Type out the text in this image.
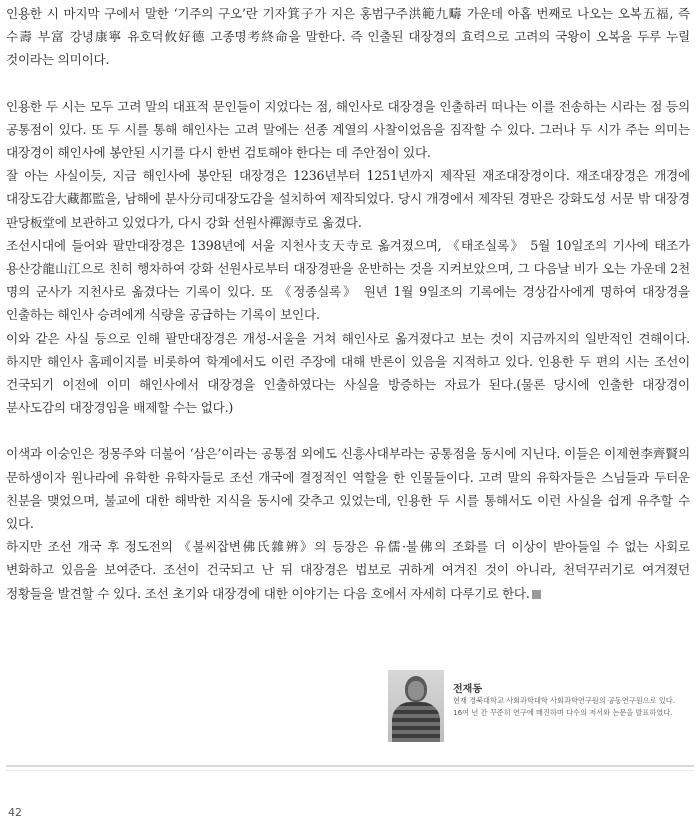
인용한 시 마지막 구에서 말한 ‘기주의 구오’란 기자箕子가 지은 홍범구주洪範九疇 가운데 아홉 번째로 나오는 오복五福, 즉 수壽 부富 강녕康寧 유호덕攸好德 고종명考終命을 말한다. 즉 인출된 대장경의 효력으로 고려의 국왕이 오복을 두루 누릴 것이라는 의미이다.

인용한 두 시는 모두 고려 말의 대표적 문인들이 지었다는 점, 해인사로 대장경을 인출하러 떠나는 이를 전송하는 시라는 점 등의 공통점이 있다. 또 두 시를 통해 해인사는 고려 말에는 선종 계열의 사찰이었음을 짐작할 수 있다. 그러나 두 시가 주는 의미는 대장경이 해인사에 봉안된 시기를 다시 한번 검토해야 한다는 데 주안점이 있다.

잘 아는 사실이듯, 지금 해인사에 봉안된 대장경은 1236년부터 1251년까지 제작된 재조대장경이다. 재조대장경은 개경에 대장도감大藏都監을, 남해에 분사分司대장도감을 설치하여 제작되었다. 당시 개경에서 제작된 경판은 강화도성 서문 밖 대장경 판당板堂에 보관하고 있었다가, 다시 강화 선원사禪源寺로 옮겼다.

조선시대에 들어와 팔만대장경은 1398년에 서울 지천사支天寺로 옮겨졌으며, 《태조실록》 5월 10일조의 기사에 태조가 용산강龍山江으로 친히 행차하여 강화 선원사로부터 대장경판을 운반하는 것을 지켜보았으며, 그 다음날 비가 오는 가운데 2천 명의 군사가 지천사로 옮겼다는 기록이 있다. 또 《정종실록》 원년 1월 9일조의 기록에는 경상감사에게 명하여 대장경을 인출하는 해인사 승려에게 식량을 공급하는 기록이 보인다.

이와 같은 사실 등으로 인해 팔만대장경은 개성-서울을 거쳐 해인사로 옮겨졌다고 보는 것이 지금까지의 일반적인 견해이다. 하지만 해인사 홈페이지를 비롯하여 학계에서도 이런 주장에 대해 반론이 있음을 지적하고 있다. 인용한 두 편의 시는 조선이 건국되기 이전에 이미 해인사에서 대장경을 인출하였다는 사실을 방증하는 자료가 된다.(물론 당시에 인출한 대장경이 분사도감의 대장경임을 배제할 수는 없다.)

이색과 이숭인은 정몽주와 더불어 ‘삼은’이라는 공통점 외에도 신흥사대부라는 공통점을 동시에 지닌다. 이들은 이제현李齊賢의 문하생이자 원나라에 유학한 유학자들로 조선 개국에 결정적인 역할을 한 인물들이다. 고려 말의 유학자들은 스님들과 두터운 친분을 맺었으며, 불교에 대한 해박한 지식을 동시에 갖추고 있었는데, 인용한 두 시를 통해서도 이런 사실을 쉽게 유추할 수 있다.

하지만 조선 개국 후 정도전의 《불씨잡변佛氏雜辨》의 등장은 유儒·불佛의 조화를 더 이상이 받아들일 수 없는 사회로 변화하고 있음을 보여준다. 조선이 건국되고 난 뒤 대장경은 법보로 귀하게 여겨진 것이 아니라, 천덕꾸러기로 여겨졌던 정황들을 발견할 수 있다. 조선 초기와 대장경에 대한 이야기는 다음 호에서 자세히 다루기로 한다.

전재동
현재 경북대학교 사회과학대학 사회과학연구원의 공동연구원으로 있다. 16여 년 간 꾸준히 연구에 매진하며 다수의 저서와 논문을 발표하였다.
42
